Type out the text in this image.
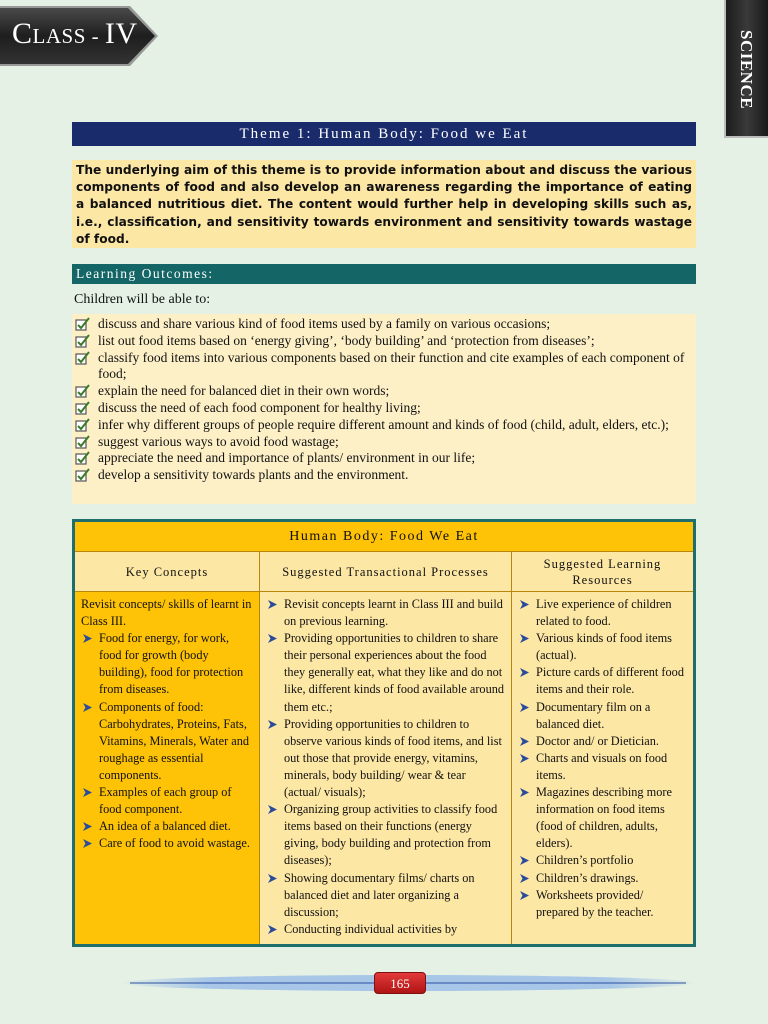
CLASS - IV	SCIENCE
Theme 1: Human Body: Food we Eat
The underlying aim of this theme is to provide information about and discuss the various components of food and also develop an awareness regarding the importance of eating a balanced nutritious diet. The content would further help in developing skills such as, i.e., classification, and sensitivity towards environment and sensitivity towards wastage of food.
Learning Outcomes:
Children will be able to:
discuss and share various kind of food items used by a family on various occasions;
list out food items based on ‘energy giving’, ‘body building’ and ‘protection from diseases’;
classify food items into various components based on their function and cite examples of each component of food;
explain the need for balanced diet in their own words;
discuss the need of each food component for healthy living;
infer why different groups of people require different amount and kinds of food (child, adult, elders, etc.);
suggest various ways to avoid food wastage;
appreciate the need and importance of plants/ environment in our life;
develop a sensitivity towards plants and the environment.
Human Body: Food We Eat
Key Concepts	Suggested Transactional Processes
Suggested Learning Resources
Revisit concepts/ skills of learnt in Class III.
Food for energy, for work, food for growth (body building), food for protection from diseases.
Components of food: Carbohydrates, Proteins, Fats, Vitamins, Minerals, Water and roughage as essential components.
Examples of each group of food component.
An idea of a balanced diet.
Care of food to avoid wastage.
Revisit concepts learnt in Class III and build on previous learning.
Providing opportunities to children to share their personal experiences about the food they generally eat, what they like and do not like, different kinds of food available around them etc.;
Providing opportunities to children to observe various kinds of food items, and list out those that provide energy, vitamins, minerals, body building/ wear & tear (actual/ visuals);
Organizing group activities to classify food items based on their functions (energy giving, body building and protection from diseases);
Showing documentary films/ charts on balanced diet and later organizing a discussion;
Conducting individual activities by
Live experience of children related to food.
Various kinds of food items (actual).
Picture cards of different food items and their role.
Documentary film on a balanced diet.
Doctor and/ or Dietician.
Charts and visuals on food items.
Magazines describing more information on food items (food of children, adults, elders).
Children’s portfolio
Children’s drawings.
Worksheets provided/ prepared by the teacher.
165
